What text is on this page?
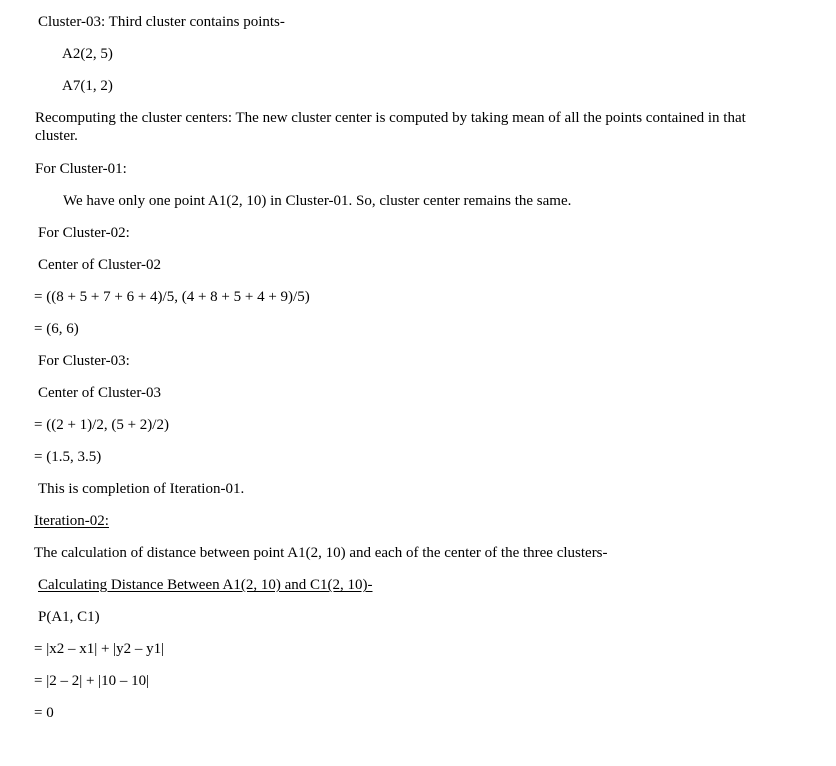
Cluster-03: Third cluster contains points-
A2(2, 5)
A7(1, 2)
Recomputing the cluster centers: The new cluster center is computed by taking mean of all the points contained in that cluster.
For Cluster-01:
We have only one point A1(2, 10) in Cluster-01. So, cluster center remains the same.
For Cluster-02:
Center of Cluster-02
= ((8 + 5 + 7 + 6 + 4)/5, (4 + 8 + 5 + 4 + 9)/5)
= (6, 6)
For Cluster-03:
Center of Cluster-03
= ((2 + 1)/2, (5 + 2)/2)
= (1.5, 3.5)
This is completion of Iteration-01.
Iteration-02:
The calculation of distance between point A1(2, 10) and each of the center of the three clusters-
Calculating Distance Between A1(2, 10) and C1(2, 10)-
P(A1, C1)
= |x2 – x1| + |y2 – y1|
= |2 – 2| + |10 – 10|
= 0
